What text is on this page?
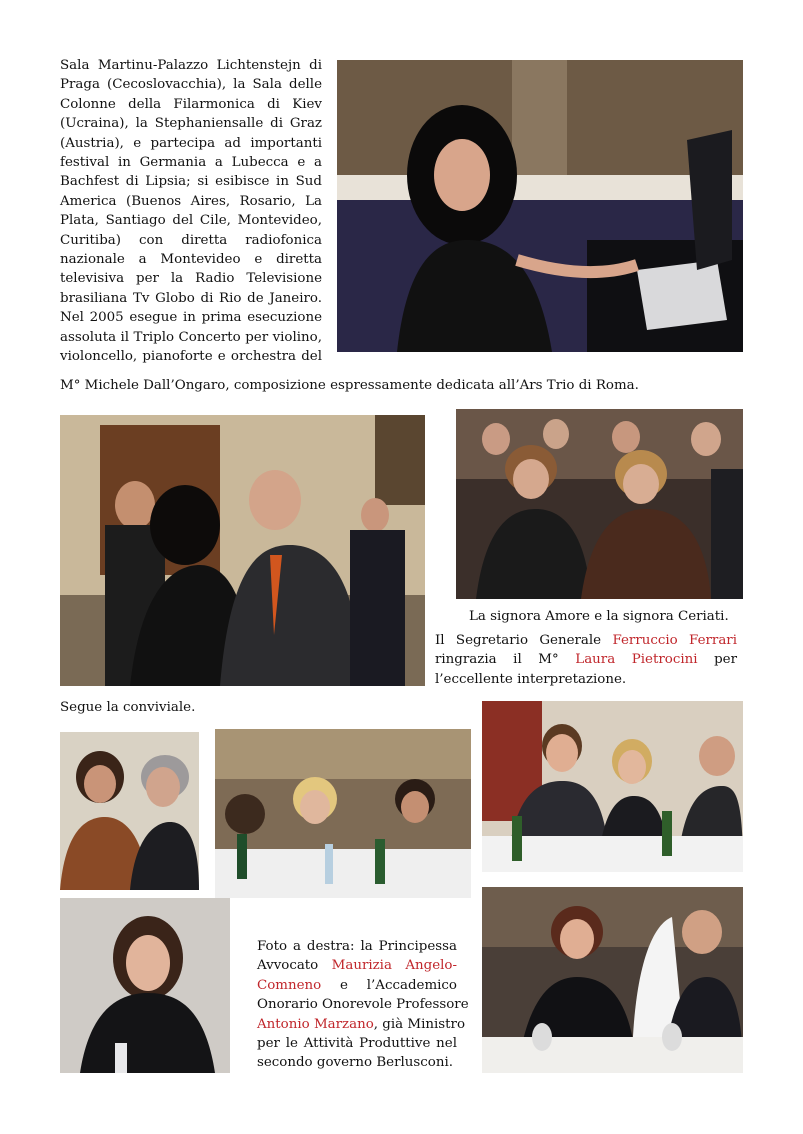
Sala Martinu-Palazzo Lichtenstejn di
Praga (Cecoslovacchia), la Sala delle
Colonne della Filarmonica di Kiev
(Ucraina), la Stephaniensalle di Graz
(Austria), e partecipa ad importanti
festival in Germania a Lubecca e a
Bachfest di Lipsia; si esibisce in Sud
America (Buenos Aires, Rosario, La
Plata, Santiago del Cile, Montevideo,
Curitiba) con diretta radiofonica
nazionale a Montevideo e diretta
televisiva per la Radio Televisione
brasiliana Tv Globo di Rio de Janeiro.
Nel 2005 esegue in prima esecuzione
assoluta il Triplo Concerto per violino,
violoncello, pianoforte e orchestra del
M° Michele Dall’Ongaro, composizione espressamente dedicata all’Ars Trio di Roma.
La signora Amore e la signora Ceriati.
Il Segretario Generale Ferruccio Ferrari
ringrazia il M° Laura Pietrocini per
l’eccellente interpretazione.
Segue la conviviale.
Foto a destra: la Principessa
Avvocato Maurizia Angelo-
Comneno e l’Accademico
Onorario Onorevole Professore
Antonio Marzano, già Ministro
per le Attività Produttive nel
secondo governo Berlusconi.
